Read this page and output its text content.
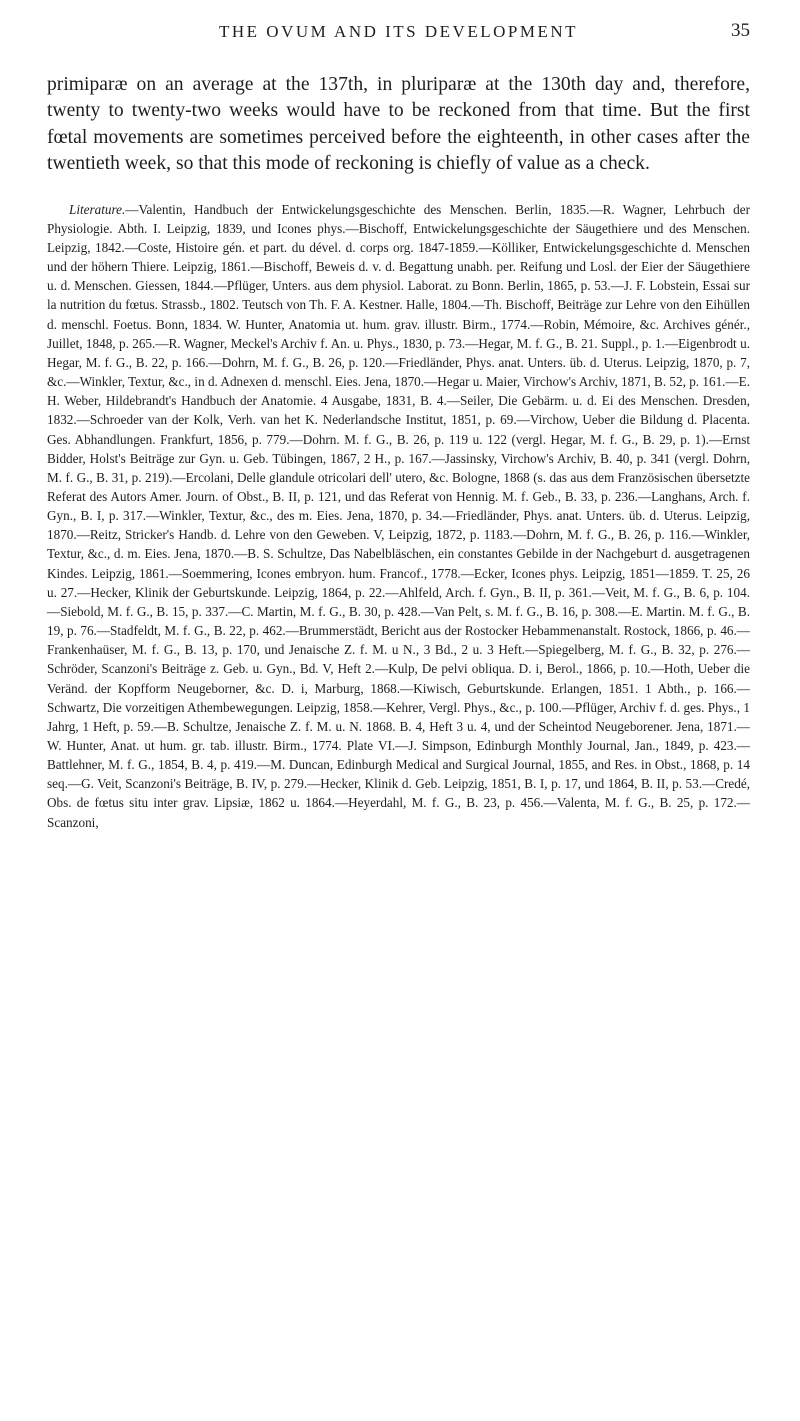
THE OVUM AND ITS DEVELOPMENT	35

primiparæ on an average at the 137th, in pluriparæ at the 130th day and, therefore, twenty to twenty-two weeks would have to be reckoned from that time. But the first fœtal movements are sometimes perceived before the eighteenth, in other cases after the twentieth week, so that this mode of reckoning is chiefly of value as a check.

Literature.—Valentin, Handbuch der Entwickelungsgeschichte des Menschen. Berlin, 1835.—R. Wagner, Lehrbuch der Physiologie. Abth. I. Leipzig, 1839, und Icones phys.—Bischoff, Entwickelungsgeschichte der Säugethiere und des Menschen. Leipzig, 1842.—Coste, Histoire gén. et part. du dével. d. corps org. 1847-1859.—Kölliker, Entwickelungsgeschichte d. Menschen und der höhern Thiere. Leipzig, 1861.—Bischoff, Beweis d. v. d. Begattung unabh. per. Reifung und Losl. der Eier der Säugethiere u. d. Menschen. Giessen, 1844.—Pflüger, Unters. aus dem physiol. Laborat. zu Bonn. Berlin, 1865, p. 53.—J. F. Lobstein, Essai sur la nutrition du fœtus. Strassb., 1802. Teutsch von Th. F. A. Kestner. Halle, 1804.—Th. Bischoff, Beiträge zur Lehre von den Eihüllen d. menschl. Foetus. Bonn, 1834. W. Hunter, Anatomia ut. hum. grav. illustr. Birm., 1774.—Robin, Mémoire, &c. Archives génér., Juillet, 1848, p. 265.—R. Wagner, Meckel's Archiv f. An. u. Phys., 1830, p. 73.—Hegar, M. f. G., B. 21. Suppl., p. 1.—Eigenbrodt u. Hegar, M. f. G., B. 22, p. 166.—Dohrn, M. f. G., B. 26, p. 120.—Friedländer, Phys. anat. Unters. üb. d. Uterus. Leipzig, 1870, p. 7, &c.—Winkler, Textur, &c., in d. Adnexen d. menschl. Eies. Jena, 1870.—Hegar u. Maier, Virchow's Archiv, 1871, B. 52, p. 161.—E. H. Weber, Hildebrandt's Handbuch der Anatomie. 4 Ausgabe, 1831, B. 4.—Seiler, Die Gebärm. u. d. Ei des Menschen. Dresden, 1832.—Schroeder van der Kolk, Verh. van het K. Nederlandsche Institut, 1851, p. 69.—Virchow, Ueber die Bildung d. Placenta. Ges. Abhandlungen. Frankfurt, 1856, p. 779.—Dohrn. M. f. G., B. 26, p. 119 u. 122 (vergl. Hegar, M. f. G., B. 29, p. 1).—Ernst Bidder, Holst's Beiträge zur Gyn. u. Geb. Tübingen, 1867, 2 H., p. 167.—Jassinsky, Virchow's Archiv, B. 40, p. 341 (vergl. Dohrn, M. f. G., B. 31, p. 219).—Ercolani, Delle glandule otricolari dell' utero, &c. Bologne, 1868 (s. das aus dem Französischen übersetzte Referat des Autors Amer. Journ. of Obst., B. II, p. 121, und das Referat von Hennig. M. f. Geb., B. 33, p. 236.—Langhans, Arch. f. Gyn., B. I, p. 317.—Winkler, Textur, &c., des m. Eies. Jena, 1870, p. 34.—Friedländer, Phys. anat. Unters. üb. d. Uterus. Leipzig, 1870.—Reitz, Stricker's Handb. d. Lehre von den Geweben. V, Leipzig, 1872, p. 1183.—Dohrn, M. f. G., B. 26, p. 116.—Winkler, Textur, &c., d. m. Eies. Jena, 1870.—B. S. Schultze, Das Nabelbläschen, ein constantes Gebilde in der Nachgeburt d. ausgetragenen Kindes. Leipzig, 1861.—Soemmering, Icones embryon. hum. Francof., 1778.—Ecker, Icones phys. Leipzig, 1851—1859. T. 25, 26 u. 27.—Hecker, Klinik der Geburtskunde. Leipzig, 1864, p. 22.—Ahlfeld, Arch. f. Gyn., B. II, p. 361.—Veit, M. f. G., B. 6, p. 104.—Siebold, M. f. G., B. 15, p. 337.—C. Martin, M. f. G., B. 30, p. 428.—Van Pelt, s. M. f. G., B. 16, p. 308.—E. Martin. M. f. G., B. 19, p. 76.—Stadfeldt, M. f. G., B. 22, p. 462.—Brummerstädt, Bericht aus der Rostocker Hebammenanstalt. Rostock, 1866, p. 46.—Frankenhaüser, M. f. G., B. 13, p. 170, und Jenaische Z. f. M. u N., 3 Bd., 2 u. 3 Heft.—Spiegelberg, M. f. G., B. 32, p. 276.—Schröder, Scanzoni's Beiträge z. Geb. u. Gyn., Bd. V, Heft 2.—Kulp, De pelvi obliqua. D. i, Berol., 1866, p. 10.—Hoth, Ueber die Veränd. der Kopfform Neugeborner, &c. D. i, Marburg, 1868.—Kiwisch, Geburtskunde. Erlangen, 1851. 1 Abth., p. 166.—Schwartz, Die vorzeitigen Athembewegungen. Leipzig, 1858.—Kehrer, Vergl. Phys., &c., p. 100.—Pflüger, Archiv f. d. ges. Phys., 1 Jahrg, 1 Heft, p. 59.—B. Schultze, Jenaische Z. f. M. u. N. 1868. B. 4, Heft 3 u. 4, und der Scheintod Neugeborener. Jena, 1871.—W. Hunter, Anat. ut hum. gr. tab. illustr. Birm., 1774. Plate VI.—J. Simpson, Edinburgh Monthly Journal, Jan., 1849, p. 423.—Battlehner, M. f. G., 1854, B. 4, p. 419.—M. Duncan, Edinburgh Medical and Surgical Journal, 1855, and Res. in Obst., 1868, p. 14 seq.—G. Veit, Scanzoni's Beiträge, B. IV, p. 279.—Hecker, Klinik d. Geb. Leipzig, 1851, B. I, p. 17, und 1864, B. II, p. 53.—Credé, Obs. de fœtus situ inter grav. Lipsiæ, 1862 u. 1864.—Heyerdahl, M. f. G., B. 23, p. 456.—Valenta, M. f. G., B. 25, p. 172.—Scanzoni,
